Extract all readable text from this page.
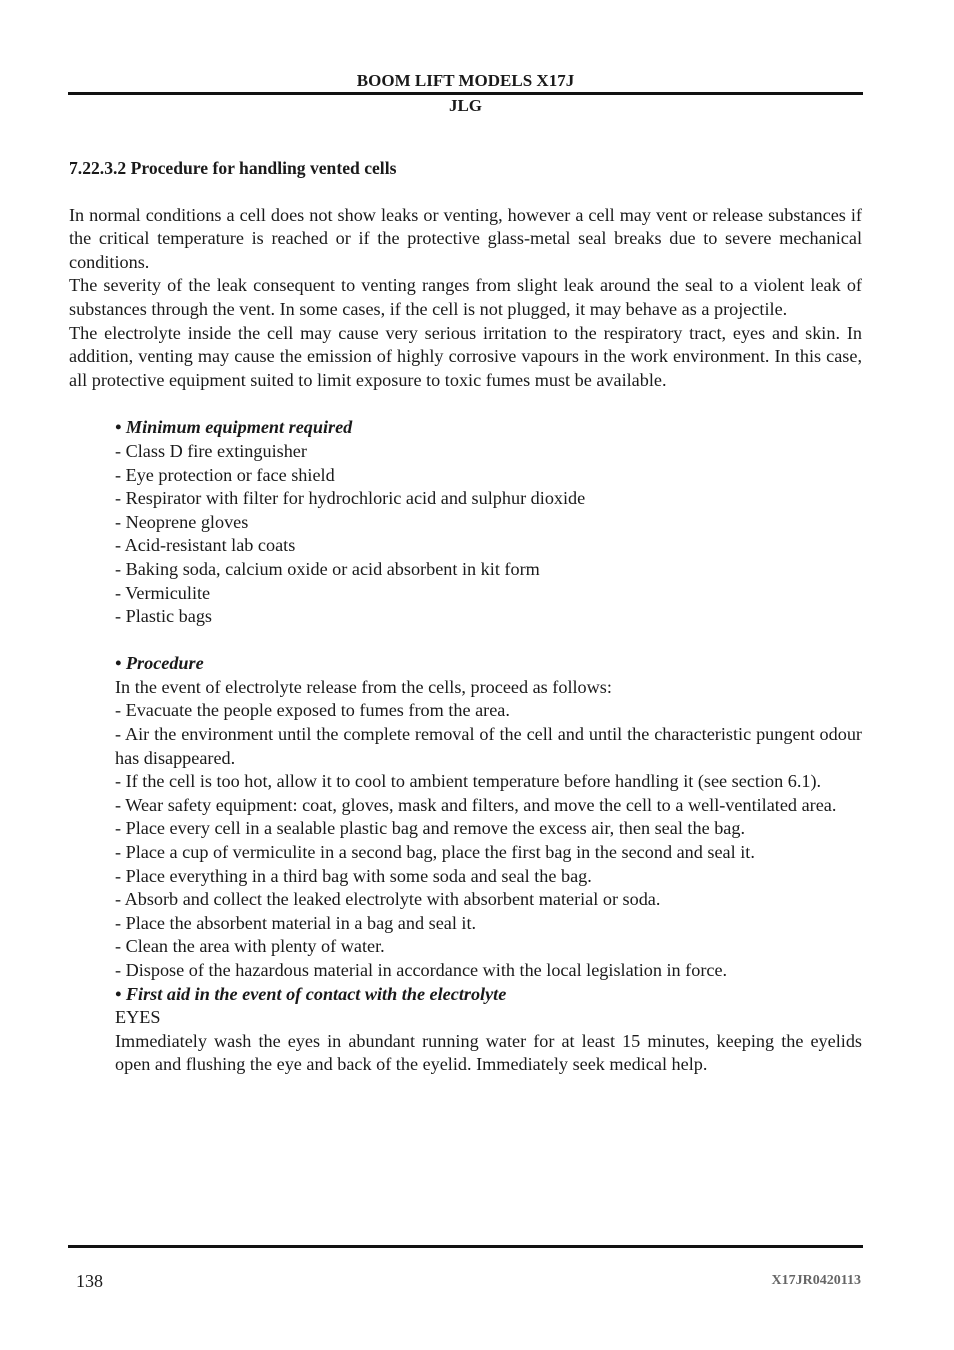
BOOM LIFT MODELS X17J
JLG

7.22.3.2 Procedure for handling vented cells

In normal conditions a cell does not show leaks or venting, however a cell may vent or release substances if the critical temperature is reached or if the protective glass-metal seal breaks due to severe mechanical conditions.

The severity of the leak consequent to venting ranges from slight leak around the seal to a violent leak of substances through the vent. In some cases, if the cell is not plugged, it may behave as a projectile.

The electrolyte inside the cell may cause very serious irritation to the respiratory tract, eyes and skin. In addition, venting may cause the emission of highly corrosive vapours in the work environment. In this case, all protective equipment suited to limit exposure to toxic fumes must be available.

• Minimum equipment required

- Class D fire extinguisher

- Eye protection or face shield

- Respirator with filter for hydrochloric acid and sulphur dioxide

- Neoprene gloves

- Acid-resistant lab coats

- Baking soda, calcium oxide or acid absorbent in kit form

- Vermiculite

- Plastic bags

• Procedure

In the event of electrolyte release from the cells, proceed as follows:

- Evacuate the people exposed to fumes from the area.

- Air the environment until the complete removal of the cell and until the characteristic pungent odour has disappeared.

- If the cell is too hot, allow it to cool to ambient temperature before handling it (see section 6.1).

- Wear safety equipment: coat, gloves, mask and filters, and move the cell to a well-ventilated area.

- Place every cell in a sealable plastic bag and remove the excess air, then seal the bag.

- Place a cup of vermiculite in a second bag, place the first bag in the second and seal it.

- Place everything in a third bag with some soda and seal the bag.

- Absorb and collect the leaked electrolyte with absorbent material or soda.

- Place the absorbent material in a bag and seal it.

- Clean the area with plenty of water.

- Dispose of the hazardous material in accordance with the local legislation in force.

• First aid in the event of contact with the electrolyte

EYES

Immediately wash the eyes in abundant running water for at least 15 minutes, keeping the eyelids open and flushing the eye and back of the eyelid. Immediately seek medical help.

138	X17JR0420113
